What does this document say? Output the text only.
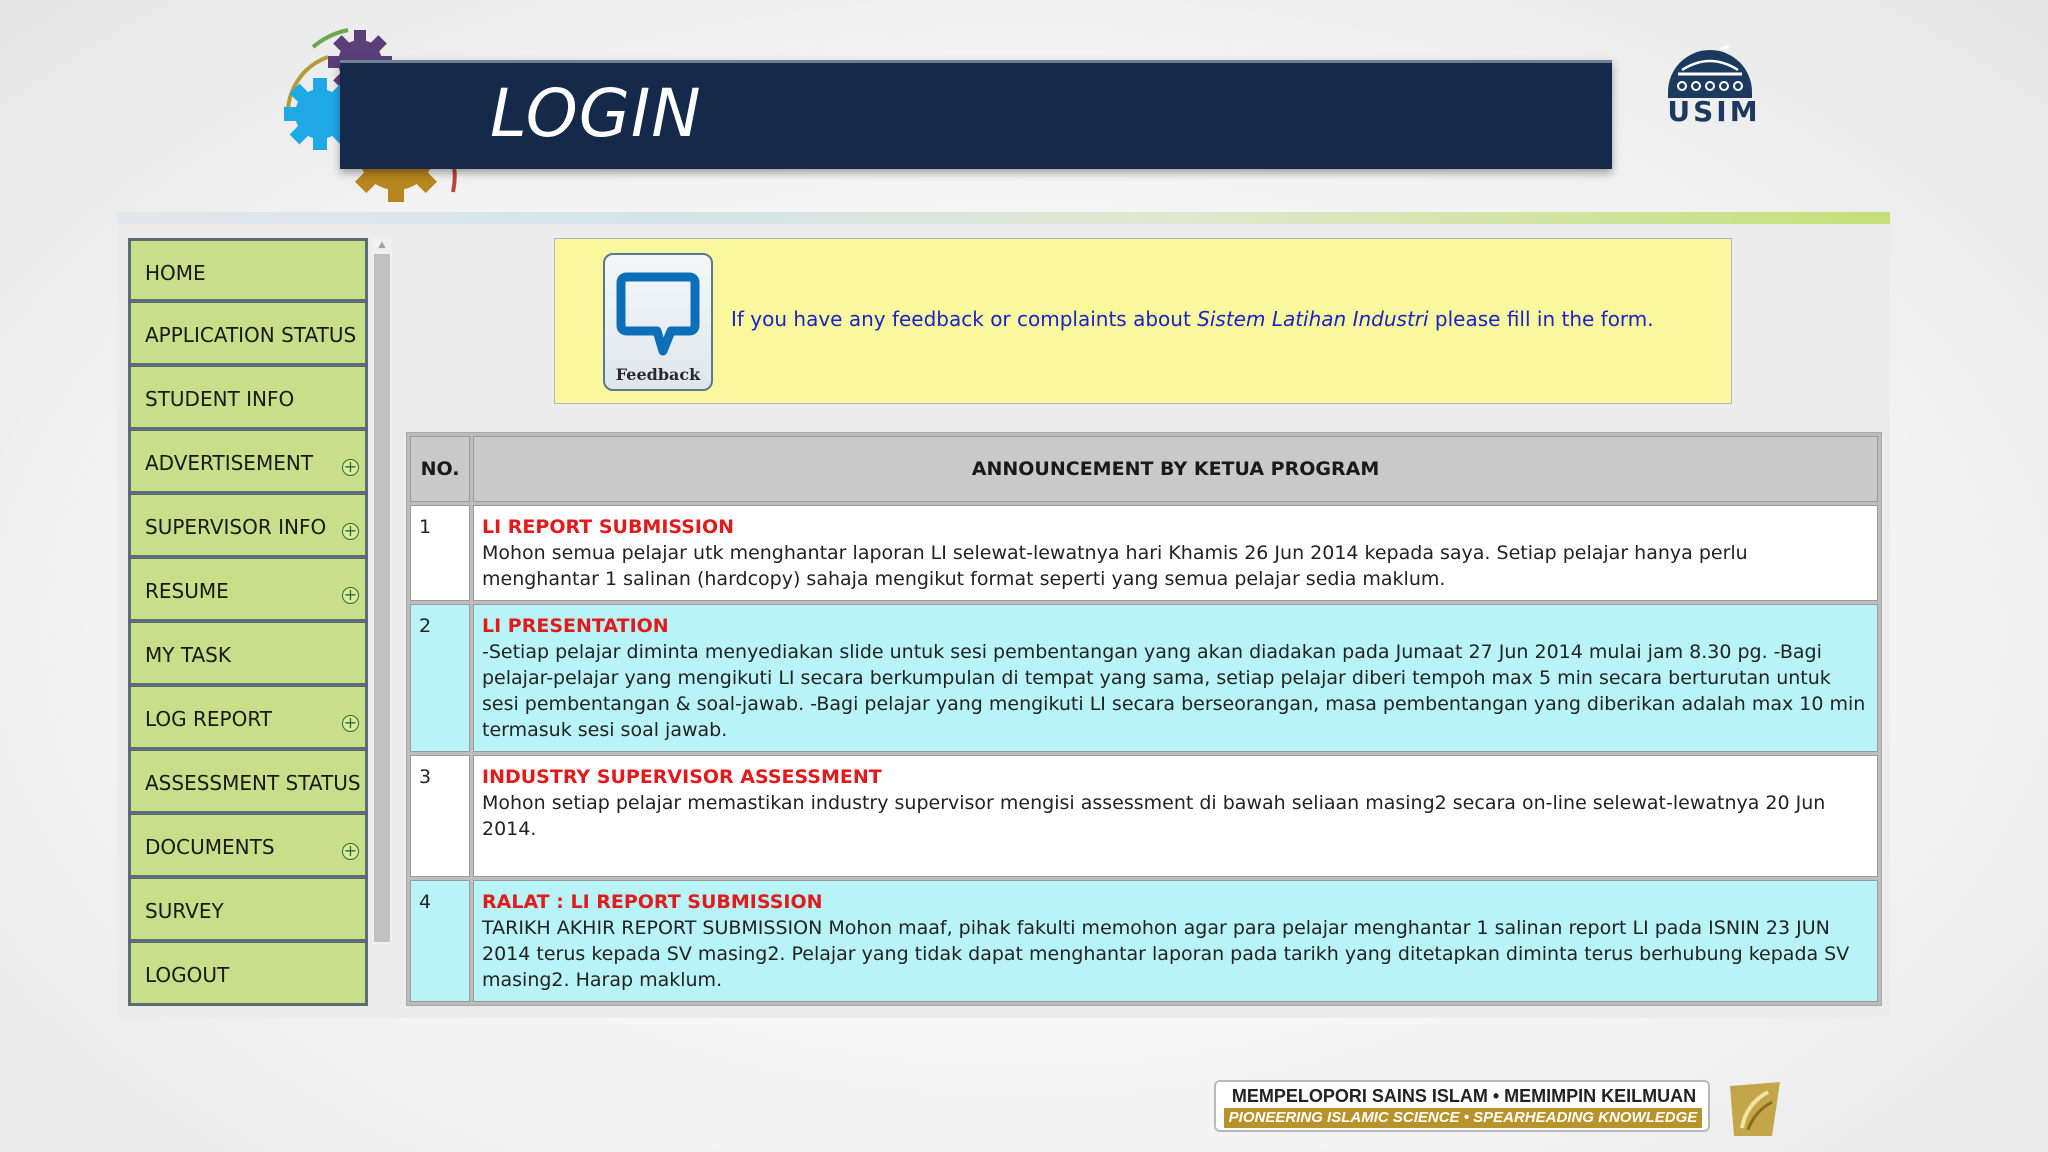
LOGIN	USIM
HOME
APPLICATION STATUS
STUDENT INFO
ADVERTISEMENT +
SUPERVISOR INFO +
RESUME	+
MY TASK
LOG REPORT	+
ASSESSMENT STATUS
DOCUMENTS	+
SURVEY
LOGOUT
▲
Feedback
If you have any feedback or complaints about Sistem Latihan Industri please fill in the form.
NO.	ANNOUNCEMENT BY KETUA PROGRAM
1	LI REPORT SUBMISSION
Mohon semua pelajar utk menghantar laporan LI selewat-lewatnya hari Khamis 26 Jun 2014 kepada saya. Setiap pelajar hanya perlu menghantar 1 salinan (hardcopy) sahaja mengikut format seperti yang semua pelajar sedia maklum.
2	LI PRESENTATION
-Setiap pelajar diminta menyediakan slide untuk sesi pembentangan yang akan diadakan pada Jumaat 27 Jun 2014 mulai jam 8.30 pg. -Bagi pelajar-pelajar yang mengikuti LI secara berkumpulan di tempat yang sama, setiap pelajar diberi tempoh max 5 min secara berturutan untuk sesi pembentangan & soal-jawab. -Bagi pelajar yang mengikuti LI secara berseorangan, masa pembentangan yang diberikan adalah max 10 min termasuk sesi soal jawab.
3	INDUSTRY SUPERVISOR ASSESSMENT
Mohon setiap pelajar memastikan industry supervisor mengisi assessment di bawah seliaan masing2 secara on-line selewat-lewatnya 20 Jun 2014.
4	RALAT : LI REPORT SUBMISSION
TARIKH AKHIR REPORT SUBMISSION Mohon maaf, pihak fakulti memohon agar para pelajar menghantar 1 salinan report LI pada ISNIN 23 JUN 2014 terus kepada SV masing2. Pelajar yang tidak dapat menghantar laporan pada tarikh yang ditetapkan diminta terus berhubung kepada SV masing2. Harap maklum.
MEMPELOPORI SAINS ISLAM • MEMIMPIN KEILMUAN
PIONEERING ISLAMIC SCIENCE • SPEARHEADING KNOWLEDGE
